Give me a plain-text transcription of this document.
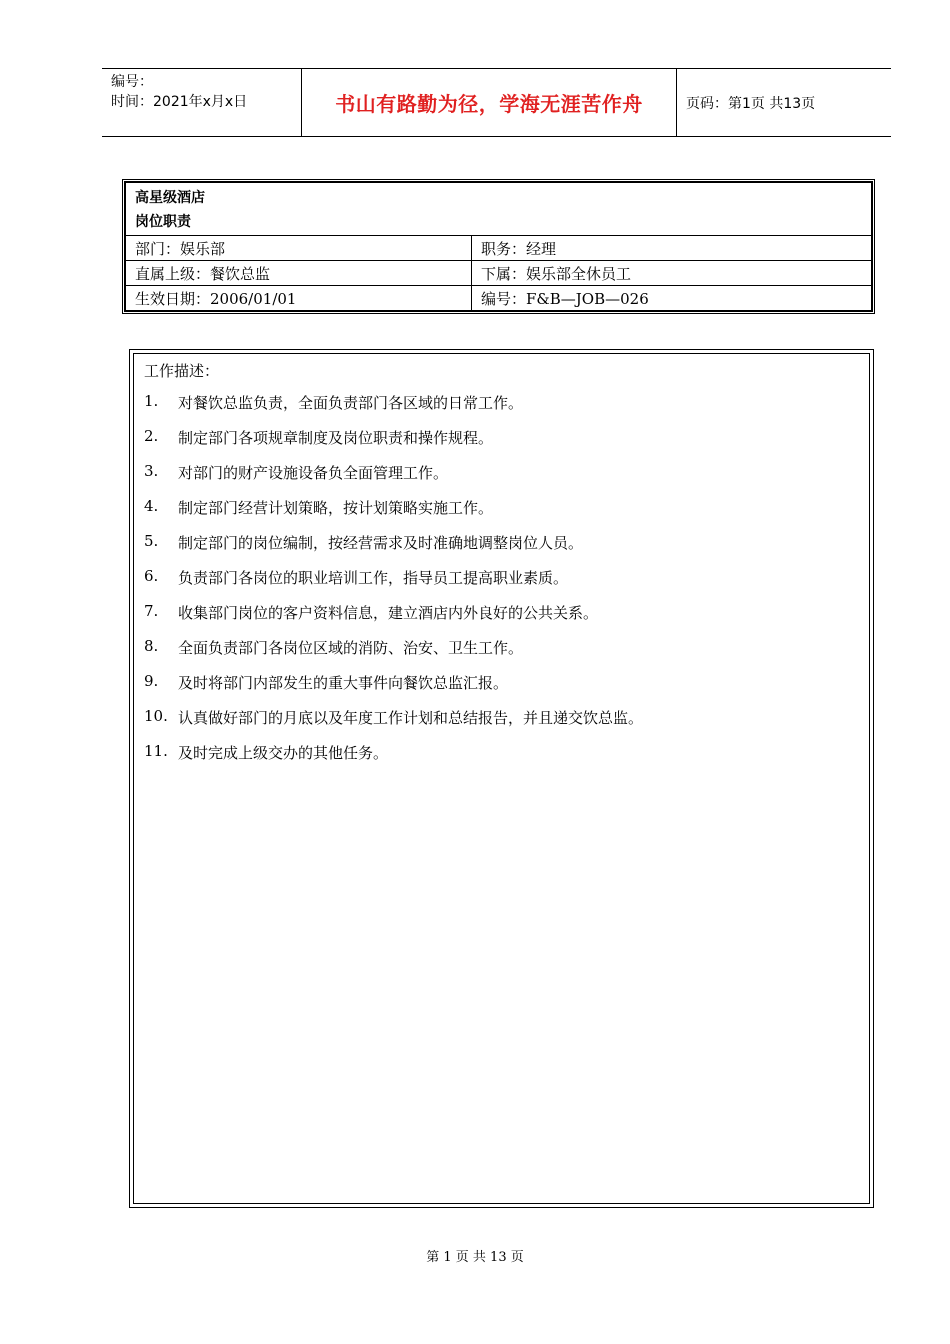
编号：
时间：2021年x月x日	书山有路勤为径，学海无涯苦作舟	页码：第1页 共13页
高星级酒店
岗位职责	

部门：娱乐部	职务：经理
直属上级：餐饮总监	下属：娱乐部全休员工
生效日期：2006/01/01	编号：F&B—JOB—026
工作描述：
1.	对餐饮总监负责，全面负责部门各区域的日常工作。
2.	制定部门各项规章制度及岗位职责和操作规程。
3.	对部门的财产设施设备负全面管理工作。
4.	制定部门经营计划策略，按计划策略实施工作。
5.	制定部门的岗位编制，按经营需求及时准确地调整岗位人员。
6.	负责部门各岗位的职业培训工作，指导员工提高职业素质。
7.	收集部门岗位的客户资料信息，建立酒店内外良好的公共关系。
8.	全面负责部门各岗位区域的消防、治安、卫生工作。
9.	及时将部门内部发生的重大事件向餐饮总监汇报。
10. 认真做好部门的月底以及年度工作计划和总结报告，并且递交饮总监。
11. 及时完成上级交办的其他任务。
第 1 页 共 13 页
